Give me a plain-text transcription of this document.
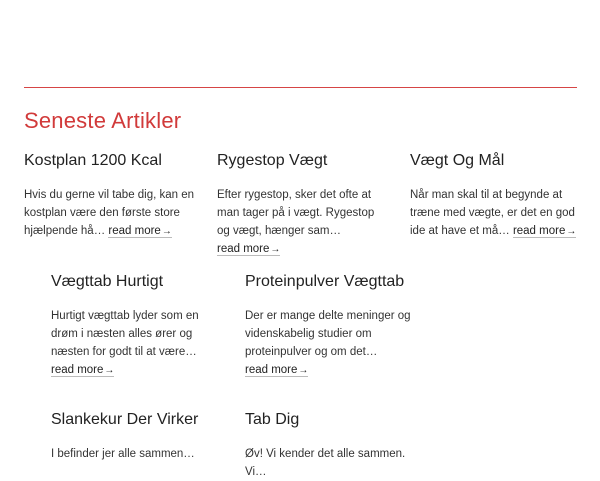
Seneste Artikler
Kostplan 1200 Kcal

Hvis du gerne vil tabe dig, kan en kostplan være den første store hjælpende hå… read more→

Rygestop Vægt

Efter rygestop, sker det ofte at man tager på i vægt. Rygestop og vægt, hænger sam… read more→

Vægt Og Mål

Når man skal til at begynde at træne med vægte, er det en god ide at have et må… read more→

Vægttab Hurtigt

Hurtigt vægttab lyder som en drøm i næsten alles ører og næsten for godt til at være… read more→

Proteinpulver Vægttab

Der er mange delte meninger og videnskabelig studier om proteinpulver og om det… read more→

Slankekur Der Virker

I befinder jer alle sammen…

Tab Dig

Øv! Vi kender det alle sammen. Vi…
